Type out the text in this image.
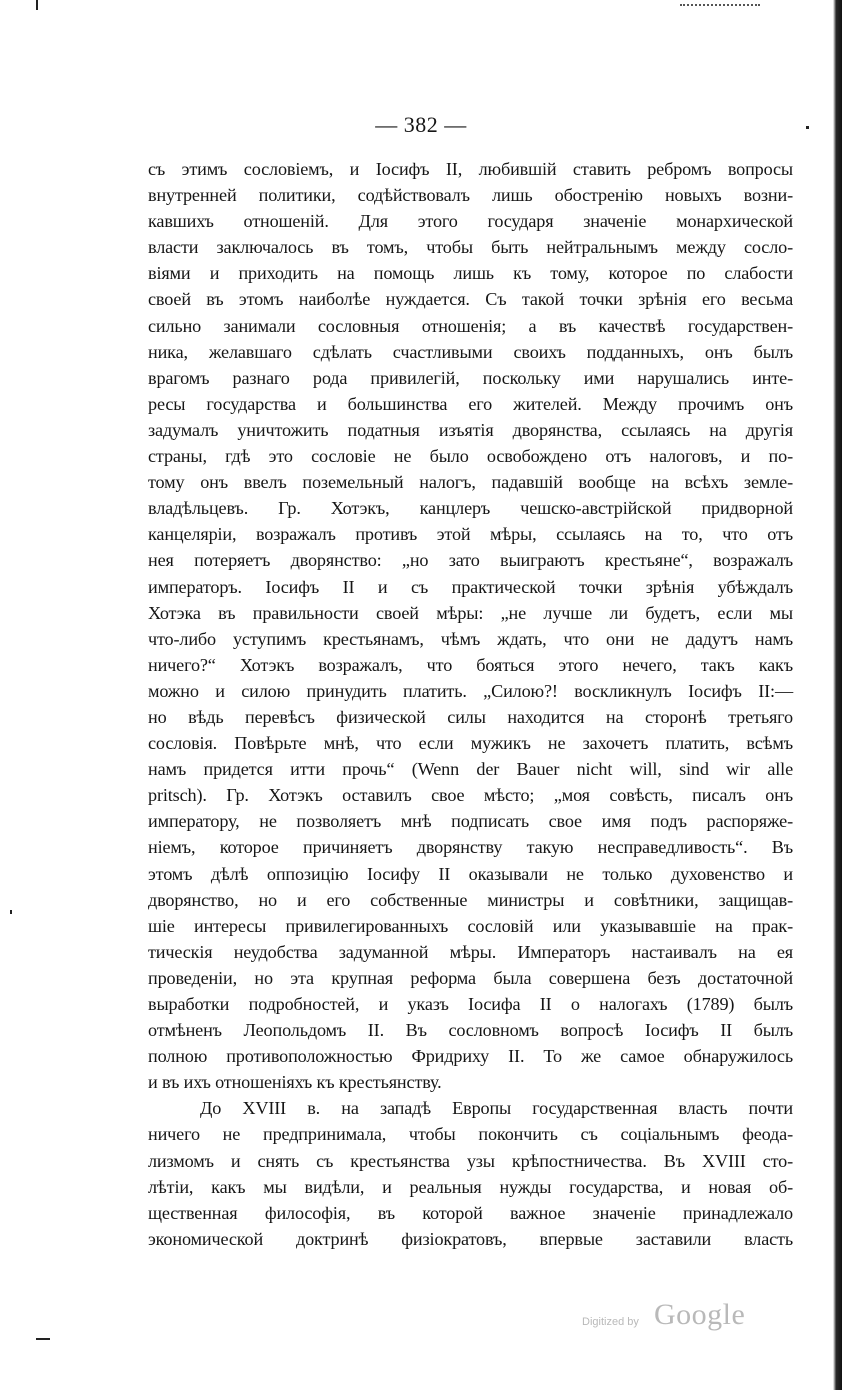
— 382 —
съ этимъ сословіемъ, и Іосифъ II, любившій ставить ребромъ вопросы
внутренней политики, содѣйствовалъ лишь обостренію новыхъ возни-
кавшихъ отношеній. Для этого государя значеніе монархической
власти заключалось въ томъ, чтобы быть нейтральнымъ между сосло-
віями и приходить на помощь лишь къ тому, которое по слабости
своей въ этомъ наиболѣе нуждается. Съ такой точки зрѣнія его весьма
сильно занимали сословныя отношенія; а въ качествѣ государствен-
ника, желавшаго сдѣлать счастливыми своихъ подданныхъ, онъ былъ
врагомъ разнаго рода привилегій, поскольку ими нарушались инте-
ресы государства и большинства его жителей. Между прочимъ онъ
задумалъ уничтожить податныя изъятія дворянства, ссылаясь на другія
страны, гдѣ это сословіе не было освобождено отъ налоговъ, и по-
тому онъ ввелъ поземельный налогъ, падавшій вообще на всѣхъ земле-
владѣльцевъ. Гр. Хотэкъ, канцлеръ чешско-австрійской придворной
канцеляріи, возражалъ противъ этой мѣры, ссылаясь на то, что отъ
нея потеряетъ дворянство: „но зато выиграютъ крестьяне“, возражалъ
императоръ. Іосифъ II и съ практической точки зрѣнія убѣждалъ
Хотэка въ правильности своей мѣры: „не лучше ли будетъ, если мы
что-либо уступимъ крестьянамъ, чѣмъ ждать, что они не дадутъ намъ
ничего?“ Хотэкъ возражалъ, что бояться этого нечего, такъ какъ
можно и силою принудить платить. „Силою?! воскликнулъ Іосифъ II:—
но вѣдь перевѣсъ физической силы находится на сторонѣ третьяго
сословія. Повѣрьте мнѣ, что если мужикъ не захочетъ платить, всѣмъ
намъ придется итти прочь“ (Wenn der Bauer nicht will, sind wir alle
pritsch). Гр. Хотэкъ оставилъ свое мѣсто; „моя совѣсть, писалъ онъ
императору, не позволяетъ мнѣ подписать свое имя подъ распоряже-
ніемъ, которое причиняетъ дворянству такую несправедливость“. Въ
этомъ дѣлѣ оппозицію Іосифу II оказывали не только духовенство и
дворянство, но и его собственные министры и совѣтники, защищав-
шіе интересы привилегированныхъ сословій или указывавшіе на прак-
тическія неудобства задуманной мѣры. Императоръ настаивалъ на ея
проведеніи, но эта крупная реформа была совершена безъ достаточной
выработки подробностей, и указъ Іосифа II о налогахъ (1789) былъ
отмѣненъ Леопольдомъ II. Въ сословномъ вопросѣ Іосифъ II былъ
полною противоположностью Фридриху II. То же самое обнаружилось
и въ ихъ отношеніяхъ къ крестьянству.
До XVIII в. на западѣ Европы государственная власть почти
ничего не предпринимала, чтобы покончить съ соціальнымъ феода-
лизмомъ и снять съ крестьянства узы крѣпостничества. Въ XVIII сто-
лѣтіи, какъ мы видѣли, и реальныя нужды государства, и новая об-
щественная философія, въ которой важное значеніе принадлежало
экономической доктринѣ физіократовъ, впервые заставили власть
Digitized by Google
